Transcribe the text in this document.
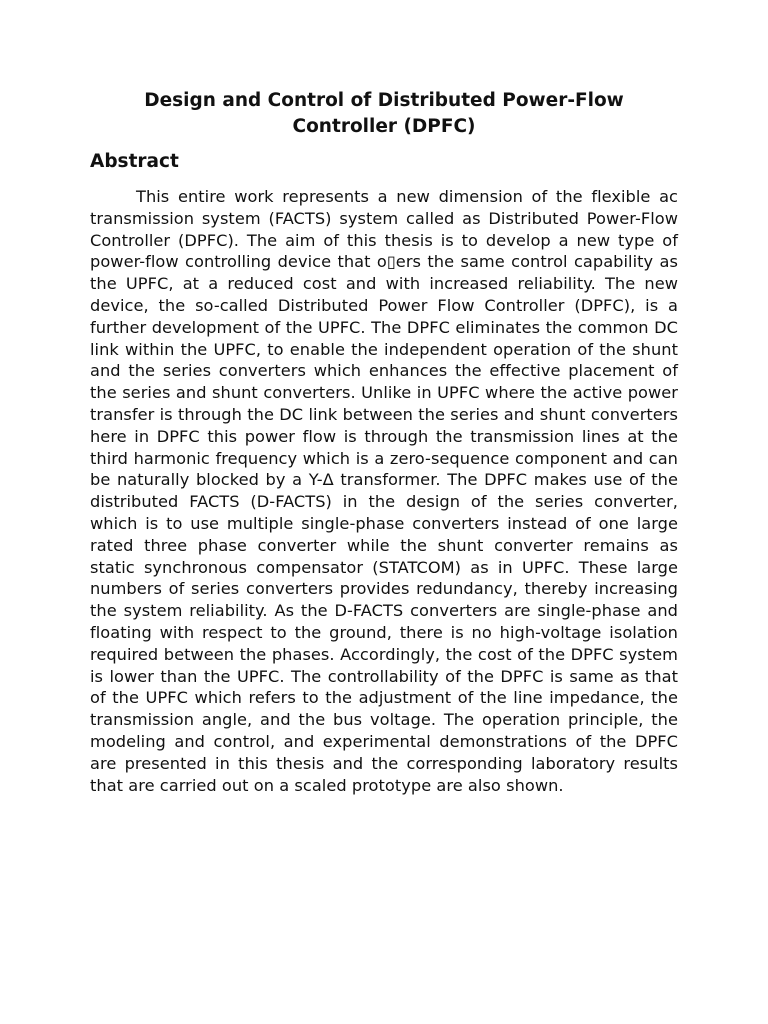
Design and Control of Distributed Power-Flow Controller (DPFC)
Abstract

This entire work represents a new dimension of the flexible ac transmission system (FACTS) system called as Distributed Power-Flow Controller (DPFC). The aim of this thesis is to develop a new type of power-flow controlling device that o▯ers the same control capability as the UPFC, at a reduced cost and with increased reliability. The new device, the so-called Distributed Power Flow Controller (DPFC), is a further development of the UPFC. The DPFC eliminates the common DC link within the UPFC, to enable the independent operation of the shunt and the series converters which enhances the effective placement of the series and shunt converters. Unlike in UPFC where the active power transfer is through the DC link between the series and shunt converters here in DPFC this power flow is through the transmission lines at the third harmonic frequency which is a zero-sequence component and can be naturally blocked by a Y-Δ transformer. The DPFC makes use of the distributed FACTS (D-FACTS) in the design of the series converter, which is to use multiple single-phase converters instead of one large rated three phase converter while the shunt converter remains as static synchronous compensator (STATCOM) as in UPFC. These large numbers of series converters provides redundancy, thereby increasing the system reliability. As the D-FACTS converters are single-phase and floating with respect to the ground, there is no high-voltage isolation required between the phases. Accordingly, the cost of the DPFC system is lower than the UPFC. The controllability of the DPFC is same as that of the UPFC which refers to the adjustment of the line impedance, the transmission angle, and the bus voltage. The operation principle, the modeling and control, and experimental demonstrations of the DPFC are presented in this thesis and the corresponding laboratory results that are carried out on a scaled prototype are also shown.
